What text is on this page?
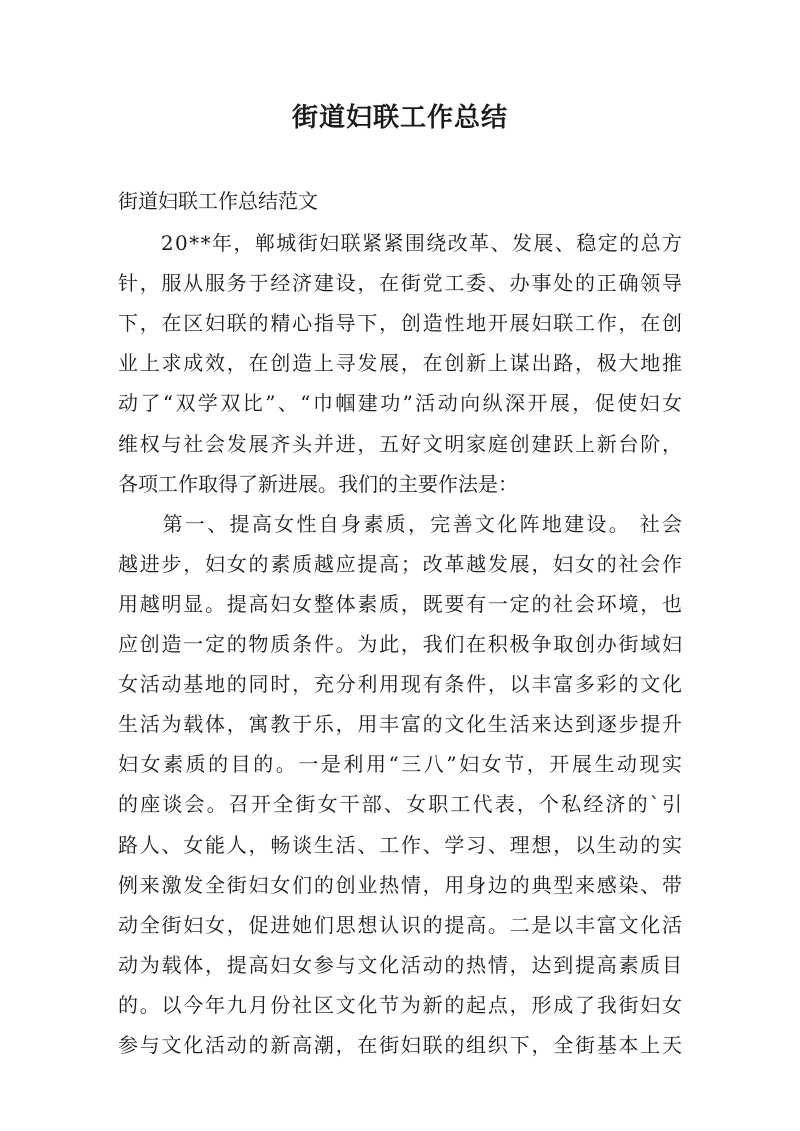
街道妇联工作总结

街道妇联工作总结范文

　　20**年，郸城街妇联紧紧围绕改革、发展、稳定的总方

针，服从服务于经济建设，在街党工委、办事处的正确领导

下，在区妇联的精心指导下，创造性地开展妇联工作，在创

业上求成效，在创造上寻发展，在创新上谋出路，极大地推

动了“双学双比”、“巾帼建功”活动向纵深开展，促使妇女

维权与社会发展齐头并进，五好文明家庭创建跃上新台阶，

各项工作取得了新进展。我们的主要作法是：

　　第一、提高女性自身素质，完善文化阵地建设。 社会

越进步，妇女的素质越应提高；改革越发展，妇女的社会作

用越明显。提高妇女整体素质，既要有一定的社会环境，也

应创造一定的物质条件。为此，我们在积极争取创办街域妇

女活动基地的同时，充分利用现有条件，以丰富多彩的文化

生活为载体，寓教于乐，用丰富的文化生活来达到逐步提升

妇女素质的目的。一是利用“三八”妇女节，开展生动现实

的座谈会。召开全街女干部、女职工代表，个私经济的`引

路人、女能人，畅谈生活、工作、学习、理想，以生动的实

例来激发全街妇女们的创业热情，用身边的典型来感染、带

动全街妇女，促进她们思想认识的提高。二是以丰富文化活

动为载体，提高妇女参与文化活动的热情，达到提高素质目

的。以今年九月份社区文化节为新的起点，形成了我街妇女

参与文化活动的新高潮，在街妇联的组织下，全街基本上天
